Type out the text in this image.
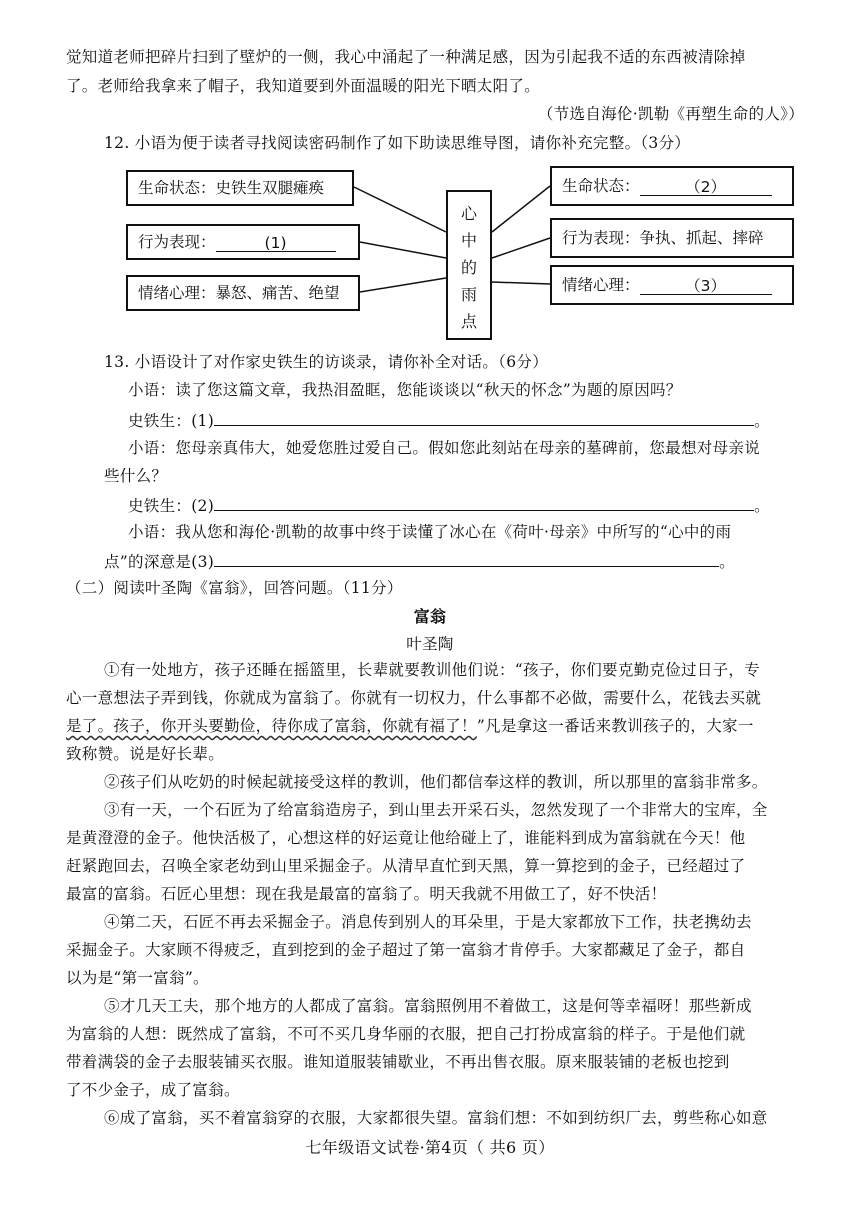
觉知道老师把碎片扫到了壁炉的一侧，我心中涌起了一种满足感，因为引起我不适的东西被清除掉
了。老师给我拿来了帽子，我知道要到外面温暖的阳光下晒太阳了。
（节选自海伦·凯勒《再塑生命的人》）
12. 小语为便于读者寻找阅读密码制作了如下助读思维导图，请你补充完整。（3分）
生命状态：史铁生双腿瘫痪
行为表现：	(1)
情绪心理：暴怒、痛苦、绝望
心
中
的
雨
点
生命状态：	（2）
行为表现：争执、抓起、摔碎
情绪心理：	（3）
13. 小语设计了对作家史铁生的访谈录，请你补全对话。（6分）
小语：读了您这篇文章，我热泪盈眶，您能谈谈以“秋天的怀念”为题的原因吗？
史铁生：(1)	。
小语：您母亲真伟大，她爱您胜过爱自己。假如您此刻站在母亲的墓碑前，您最想对母亲说
些什么？
史铁生：(2)	。
小语：我从您和海伦·凯勒的故事中终于读懂了冰心在《荷叶·母亲》中所写的“心中的雨
点”的深意是(3)	。
（二）阅读叶圣陶《富翁》，回答问题。（11分）
富翁
叶圣陶
①有一处地方，孩子还睡在摇篮里，长辈就要教训他们说：“孩子，你们要克勤克俭过日子，专
心一意想法子弄到钱，你就成为富翁了。你就有一切权力，什么事都不必做，需要什么，花钱去买就
是了。孩子，你开头要勤俭，待你成了富翁，你就有福了！”凡是拿这一番话来教训孩子的，大家一
致称赞。说是好长辈。
②孩子们从吃奶的时候起就接受这样的教训，他们都信奉这样的教训，所以那里的富翁非常多。
③有一天，一个石匠为了给富翁造房子，到山里去开采石头，忽然发现了一个非常大的宝库，全
是黄澄澄的金子。他快活极了，心想这样的好运竟让他给碰上了，谁能料到成为富翁就在今天！他
赶紧跑回去，召唤全家老幼到山里采掘金子。从清早直忙到天黑，算一算挖到的金子，已经超过了
最富的富翁。石匠心里想：现在我是最富的富翁了。明天我就不用做工了，好不快活！
④第二天，石匠不再去采掘金子。消息传到别人的耳朵里，于是大家都放下工作，扶老携幼去
采掘金子。大家顾不得疲乏，直到挖到的金子超过了第一富翁才肯停手。大家都藏足了金子，都自
以为是“第一富翁”。
⑤才几天工夫，那个地方的人都成了富翁。富翁照例用不着做工，这是何等幸福呀！那些新成
为富翁的人想：既然成了富翁，不可不买几身华丽的衣服，把自己打扮成富翁的样子。于是他们就
带着满袋的金子去服装铺买衣服。谁知道服装铺歇业，不再出售衣服。原来服装铺的老板也挖到
了不少金子，成了富翁。
⑥成了富翁，买不着富翁穿的衣服，大家都很失望。富翁们想：不如到纺织厂去，剪些称心如意
七年级语文试卷·第4页（ 共6 页）
